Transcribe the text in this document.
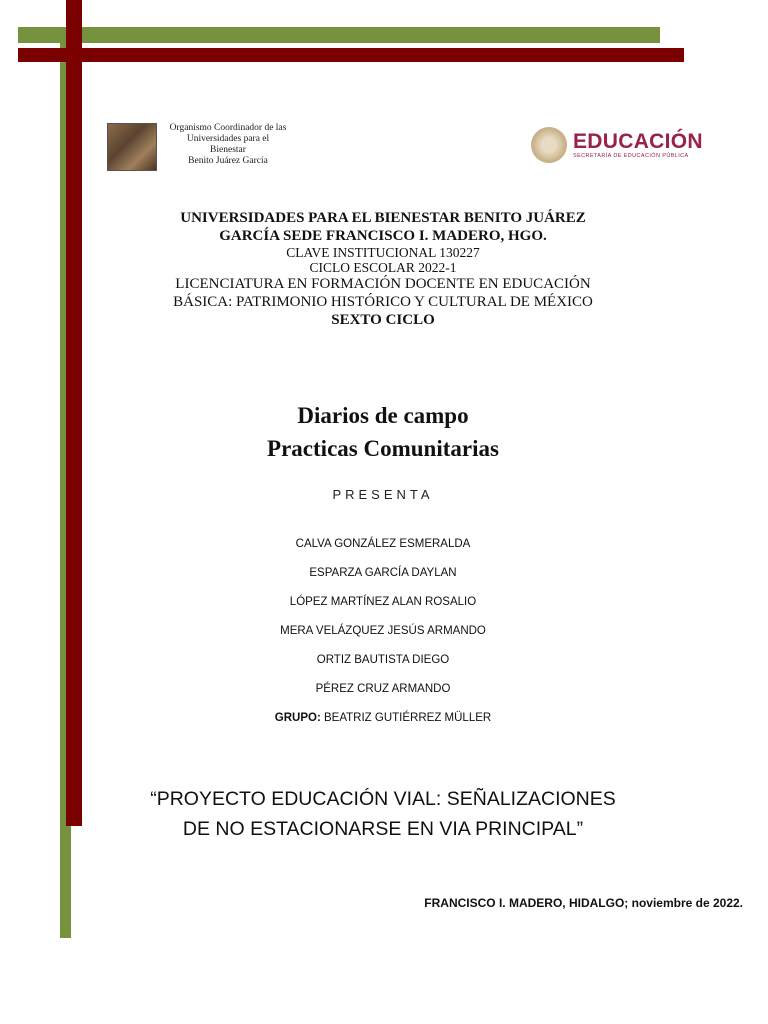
Organismo Coordinador de las
Universidades para el Bienestar
Benito Juárez García
EDUCACIÓN
SECRETARÍA DE EDUCACIÓN PÚBLICA
UNIVERSIDADES PARA EL BIENESTAR BENITO JUÁREZ
GARCÍA SEDE FRANCISCO I. MADERO, HGO.
CLAVE INSTITUCIONAL 130227
CICLO ESCOLAR 2022-1
LICENCIATURA EN FORMACIÓN DOCENTE EN EDUCACIÓN
BÁSICA: PATRIMONIO HISTÓRICO Y CULTURAL DE MÉXICO
SEXTO CICLO
Diarios de campo
Practicas Comunitarias
PRESENTA
CALVA GONZÁLEZ ESMERALDA
ESPARZA GARCÍA DAYLAN
LÓPEZ MARTÍNEZ ALAN ROSALIO
MERA VELÁZQUEZ JESÚS ARMANDO
ORTIZ BAUTISTA DIEGO
PÉREZ CRUZ ARMANDO
GRUPO: BEATRIZ GUTIÉRREZ MÜLLER
“PROYECTO EDUCACIÓN VIAL: SEÑALIZACIONES
DE NO ESTACIONARSE EN VIA PRINCIPAL”
FRANCISCO I. MADERO, HIDALGO; noviembre de 2022.
